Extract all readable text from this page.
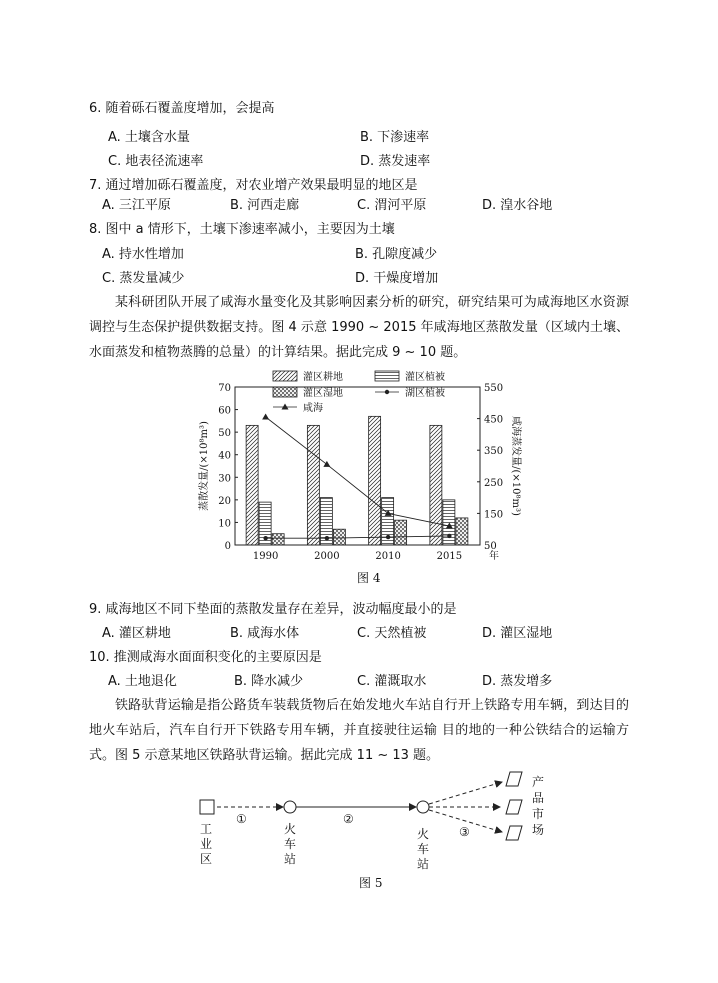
6. 随着砾石覆盖度增加，会提高
A. 土壤含水量	B. 下渗速率
C. 地表径流速率	D. 蒸发速率
7. 通过增加砾石覆盖度，对农业增产效果最明显的地区是
A. 三江平原	B. 河西走廊	C. 渭河平原	D. 湟水谷地
8. 图中 a 情形下，土壤下渗速率减小，主要因为土壤
A. 持水性增加	B. 孔隙度减少
C. 蒸发量减少	D. 干燥度增加
某科研团队开展了咸海水量变化及其影响因素分析的研究，研究结果可为咸海地区水资源调控与生态保护提供数据支持。图 4 示意 1990 ~ 2015 年咸海地区蒸散发量（区域内土壤、水面蒸发和植物蒸腾的总量）的计算结果。据此完成 9 ~ 10 题。
灌区耕地	灌区植被
灌区湿地	湖区植被
咸海
0
10
20
30
40
50
60
70
50
150
250
350
450
550
蒸散发量/(×10⁸m³)	咸海蒸发量/(×10⁸m³)
1990	2000	2010	2015	年
图 4
9. 咸海地区不同下垫面的蒸散发量存在差异，波动幅度最小的是
A. 灌区耕地	B. 咸海水体	C. 天然植被	D. 灌区湿地
10. 推测咸海水面面积变化的主要原因是
A. 土地退化	B. 降水减少	C. 灌溉取水	D. 蒸发增多
铁路驮背运输是指公路货车装载货物后在始发地火车站自行开上铁路专用车辆，到达目的地火车站后，汽车自行开下铁路专用车辆，并直接驶往运输 目的地的一种公铁结合的运输方式。图 5 示意某地区铁路驮背运输。据此完成 11 ~ 13 题。
①	②
③
工
业
区
火
车
站
火
车
站
产
品
市
场
图 5
